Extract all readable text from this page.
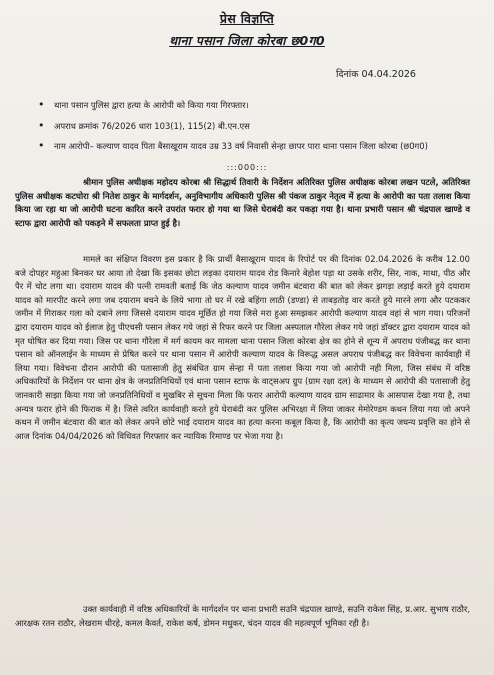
प्रेस विज्ञप्ति
थाना पसान जिला कोरबा छ0ग0
दिनांक 04.04.2026
• थाना पसान पुलिस द्वारा हत्या के आरोपी को किया गया गिरफ्तार।
• अपराध क्रमांक 76/2026 धारा 103(1), 115(2) बी.एन.एस
• नाम आरोपी– कल्याण यादव पिता बैसाखूराम यादव उम्र 33 वर्ष निवासी सेन्हा छापर पारा थाना पसान जिला कोरबा (छ0ग0)
:::000:::
श्रीमान पुलिस अधीक्षक महोदय कोरबा श्री सिद्धार्थ तिवारी के निर्देशन अतिरिक्त पुलिस अधीक्षक कोरबा लखन पटले, अतिरिक्त पुलिस अधीक्षक कटघोरा श्री नितेश ठाकुर के मार्गदर्शन, अनुविभागीय अधिकारी पुलिस श्री पंकज ठाकुर नेतृत्व में हत्या के आरोपी का पता तलाश किया किया जा रहा था जो आरोपी घटना कारित करने उपरांत फरार हो गया था जिसे घेराबंदी कर पकड़ा गया है। थाना प्रभारी पसान श्री चंद्रपाल खाण्डे व स्टाफ द्वारा आरोपी को पकड़ने में सफलता प्राप्त हुई है।
मामले का संक्षिप्त विवरण इस प्रकार है कि प्रार्थी बैसाखूराम यादव के रिपोर्ट पर की दिनांक 02.04.2026 के करीब 12.00 बजे दोपहर महुआ बिनकर घर आया तो देखा कि इसका छोटा लड़का दयाराम यादव रोड किनारे बेहोश पड़ा था उसके शरीर, सिर, नाक, माथा, पीठ और पैर में चोट लगा था। दयाराम यादव की पत्नी रामवती बताई कि जेठ कल्याण यादव जमीन बंटवारा की बात को लेकर झगड़ा लड़ाई करते हुये दयाराम यादव को मारपीट करने लगा जब दयाराम बचने के लिये भागा तो घर में रखे बहिंगा लाठी (डण्डा) से ताबड़तोड़ वार करते हुये मारने लगा और पटककर जमीन में गिराकर गला को दबाने लगा जिससे दयाराम यादव मूर्छित हो गया जिसे मरा हुआ समझकर आरोपी कल्याण यादव वहां से भाग गया। परिजनों द्वारा दयाराम यादव को ईलाज हेतु पीएचसी पसान लेकर गये जहां से रिफर करने पर जिला अस्पताल गौरेला लेकर गये जहां डॉक्टर द्वारा दयाराम यादव को मृत घोषित कर दिया गया। जिस पर थाना गौरेला में मर्ग कायम कर मामला थाना पसान जिला कोरबा क्षेत्र का होने से शून्य में अपराध पंजीबद्ध कर थाना पसान को ऑनलाईन के माध्यम से प्रेषित करने पर थाना पसान में आरोपी कल्याण यादव के विरूद्ध असल अपराध पंजीबद्ध कर विवेचना कार्यवाही में लिया गया। विवेचना दौरान आरोपी की पतासाजी हेतु संबंधित ग्राम सेन्हा में पता तलाश किया गया जो आरोपी नही मिला, जिस संबंध में वरिष्ठ अधिकारियों के निर्देशन पर थाना क्षेत्र के जनप्रतिनिधियों एवं थाना पसान स्टाफ के वाट्सअप ग्रुप (ग्राम रक्षा दल) के माध्यम से आरोपी की पतासाजी हेतु जानकारी साझा किया गया जो जनप्रतिनिधियों व मुखबिर से सूचना मिला कि फरार आरोपी कल्याण यादव ग्राम साढामार के आसपास देखा गया है, तथा अन्यत्र फरार होने की फिराक में है। जिसे त्वरित कार्यवाही करते हुये घेराबंदी कर पुलिस अभिरक्षा में लिया जाकर मेमोरेण्डम कथन लिया गया जो अपने कथन में जमीन बंटवारा की बात को लेकर अपने छोटे भाई दयाराम यादव का हत्या करना कबूल किया है, कि आरोपी का कृत्य जघन्य प्रवृत्ति का होने से आज दिनांक 04/04/2026 को विधिवत गिरफ्तार कर न्यायिक रिमाण्ड पर भेजा गया है।
उक्त कार्यवाही में वरिष्ठ अधिकारियों के मार्गदर्शन पर थाना प्रभारी सउनि चंद्रपाल खाण्डे, सउनि राकेश सिंह, प्र.आर. सुभाष राठौर, आरक्षक रतन राठौर, लेखराम धीरहे, कमल कैवर्त, राकेश कर्ष, डोमन मधुकर, चंदन यादव की महत्वपूर्ण भूमिका रही है।
